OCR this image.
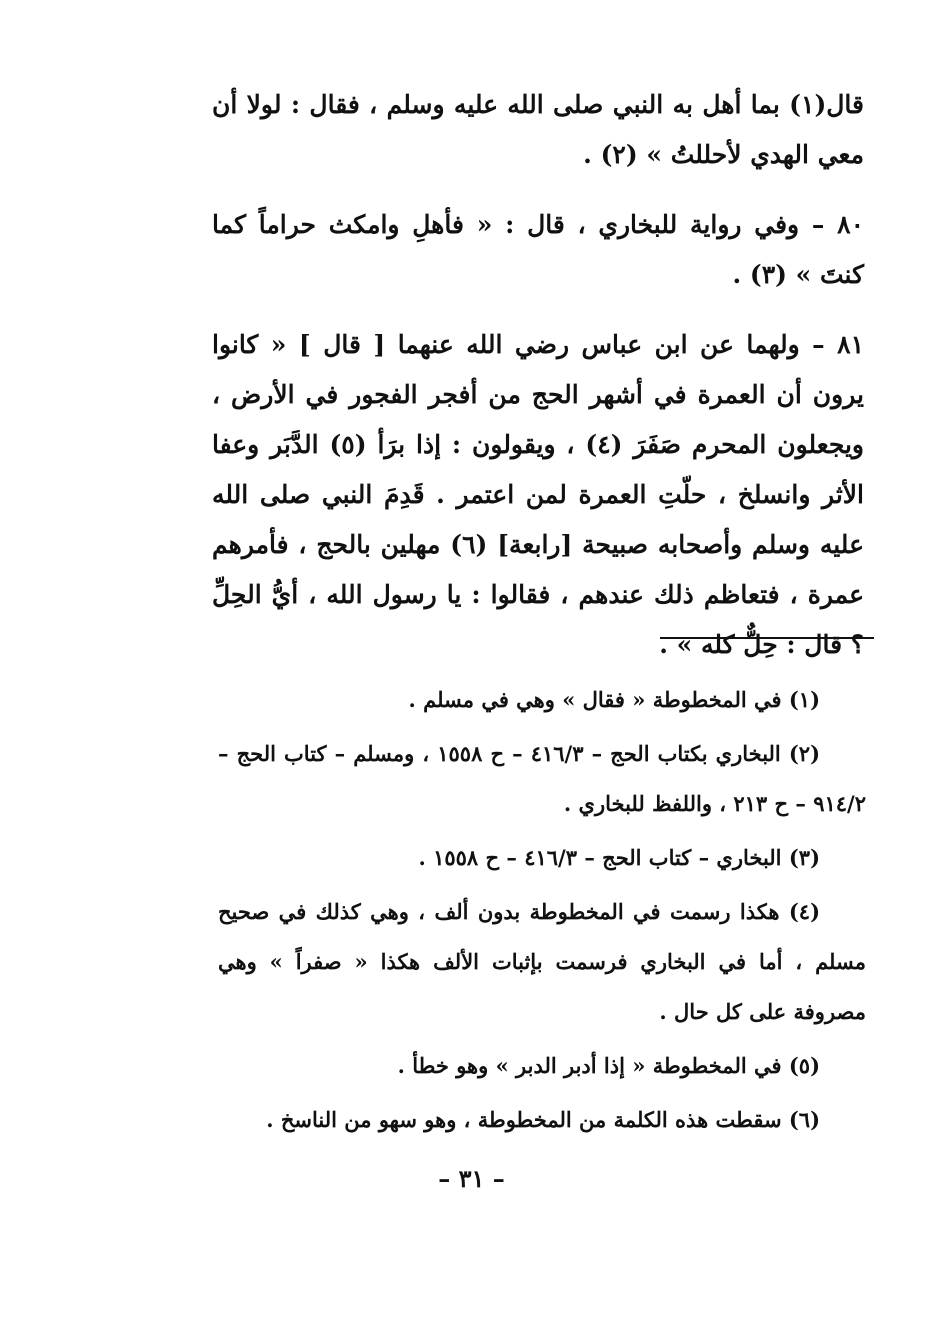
قال(١) بما أهل به النبي صلى الله عليه وسلم ، فقال : لولا أن معي الهدي لأحللتُ » (٢) .

٨٠ – وفي رواية للبخاري ، قال : « فأهلِ وامكث حراماً كما كنتَ » (٣) .

٨١ – ولهما عن ابن عباس رضي الله عنهما [ قال ] « كانوا يرون أن العمرة في أشهر الحج من أفجر الفجور في الأرض ، ويجعلون المحرم صَفَرَ (٤) ، ويقولون : إذا برَأ (٥) الدَّبَر وعفا الأثر وانسلخ ، حلّتِ العمرة لمن اعتمر . قَدِمَ النبي صلى الله عليه وسلم وأصحابه صبيحة [رابعة] (٦) مهلين بالحج ، فأمرهم عمرة ، فتعاظم ذلك عندهم ، فقالوا : يا رسول الله ، أيُّ الحِلِّ ؟ قال : حِلٌّ كله » .

(١) في المخطوطة « فقال » وهي في مسلم .

(٢) البخاري بكتاب الحج – ٤١٦/٣ – ح ١٥٥٨ ، ومسلم – كتاب الحج – ٩١٤/٢ – ح ٢١٣ ، واللفظ للبخاري .

(٣) البخاري – كتاب الحج – ٤١٦/٣ – ح ١٥٥٨ .

(٤) هكذا رسمت في المخطوطة بدون ألف ، وهي كذلك في صحيح مسلم ، أما في البخاري فرسمت بإثبات الألف هكذا « صفراً » وهي مصروفة على كل حال .

(٥) في المخطوطة « إذا أدبر الدبر » وهو خطأ .

(٦) سقطت هذه الكلمة من المخطوطة ، وهو سهو من الناسخ .

– ٣١ –
